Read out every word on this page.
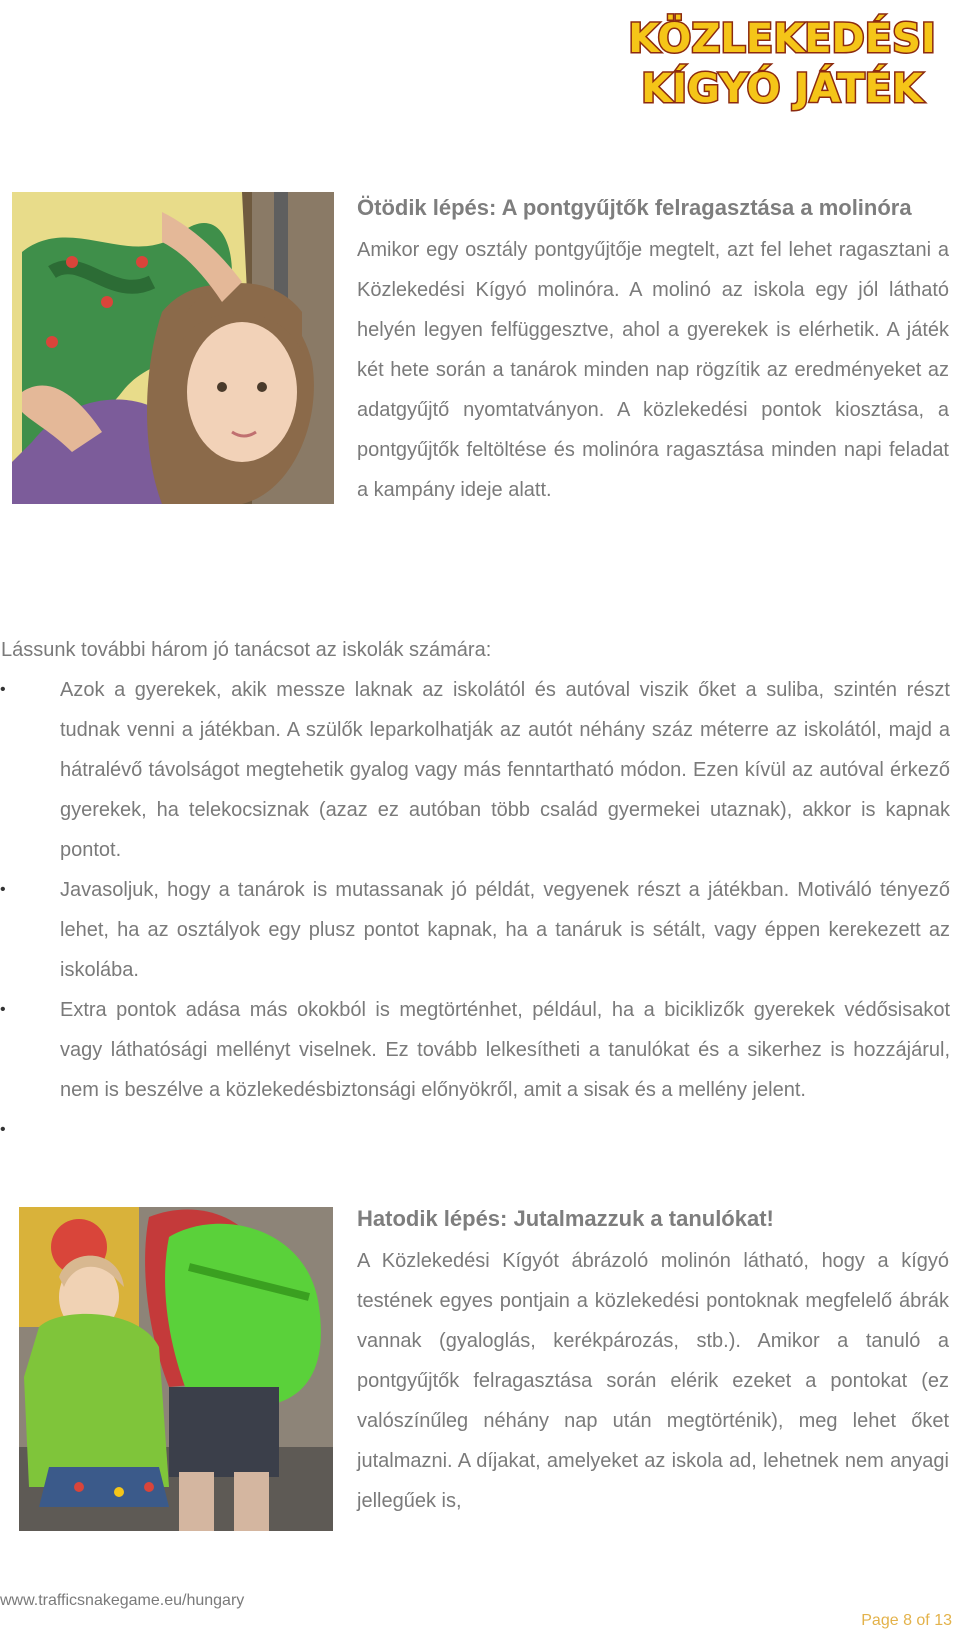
KÖZLEKEDÉSI
KÍGYÓ JÁTÉK
Ötödik lépés: A pontgyűjtők felragasztása a molinóra

Amikor egy osztály pontgyűjtője megtelt, azt fel lehet ragasztani a Közlekedési Kígyó molinóra. A molinó az iskola egy jól látható helyén legyen felfüggesztve, ahol a gyerekek is elérhetik. A játék két hete során a tanárok minden nap rögzítik az eredményeket az adatgyűjtő nyomtatványon. A közlekedési pontok kiosztása, a pontgyűjtők feltöltése és molinóra ragasztása minden napi feladat a kampány ideje alatt.

Lássunk további három jó tanácsot az iskolák számára:

•	Azok a gyerekek, akik messze laknak az iskolától és autóval viszik őket a suliba, szintén részt tudnak venni a játékban. A szülők leparkolhatják az autót néhány száz méterre az iskolától, majd a hátralévő távolságot megtehetik gyalog vagy más fenntartható módon. Ezen kívül az autóval érkező gyerekek, ha telekocsiznak (azaz ez autóban több család gyermekei utaznak), akkor is kapnak pontot.
•	Javasoljuk, hogy a tanárok is mutassanak jó példát, vegyenek részt a játékban. Motiváló tényező lehet, ha az osztályok egy plusz pontot kapnak, ha a tanáruk is sétált, vagy éppen kerekezett az iskolába.
•	Extra pontok adása más okokból is megtörténhet, például, ha a biciklizők gyerekek védősisakot vagy láthatósági mellényt viselnek. Ez tovább lelkesítheti a tanulókat és a sikerhez is hozzájárul, nem is beszélve a közlekedésbiztonsági előnyökről, amit a sisak és a mellény jelent.
•
Hatodik lépés: Jutalmazzuk a tanulókat!

A Közlekedési Kígyót ábrázoló molinón látható, hogy a kígyó testének egyes pontjain a közlekedési pontoknak megfelelő ábrák vannak (gyaloglás, kerékpározás, stb.). Amikor a tanuló a pontgyűjtők felragasztása során elérik ezeket a pontokat (ez valószínűleg néhány nap után megtörténik), meg lehet őket jutalmazni. A díjakat, amelyeket az iskola ad, lehetnek nem anyagi jellegűek is,

www.trafficsnakegame.eu/hungary
Page 8 of 13
